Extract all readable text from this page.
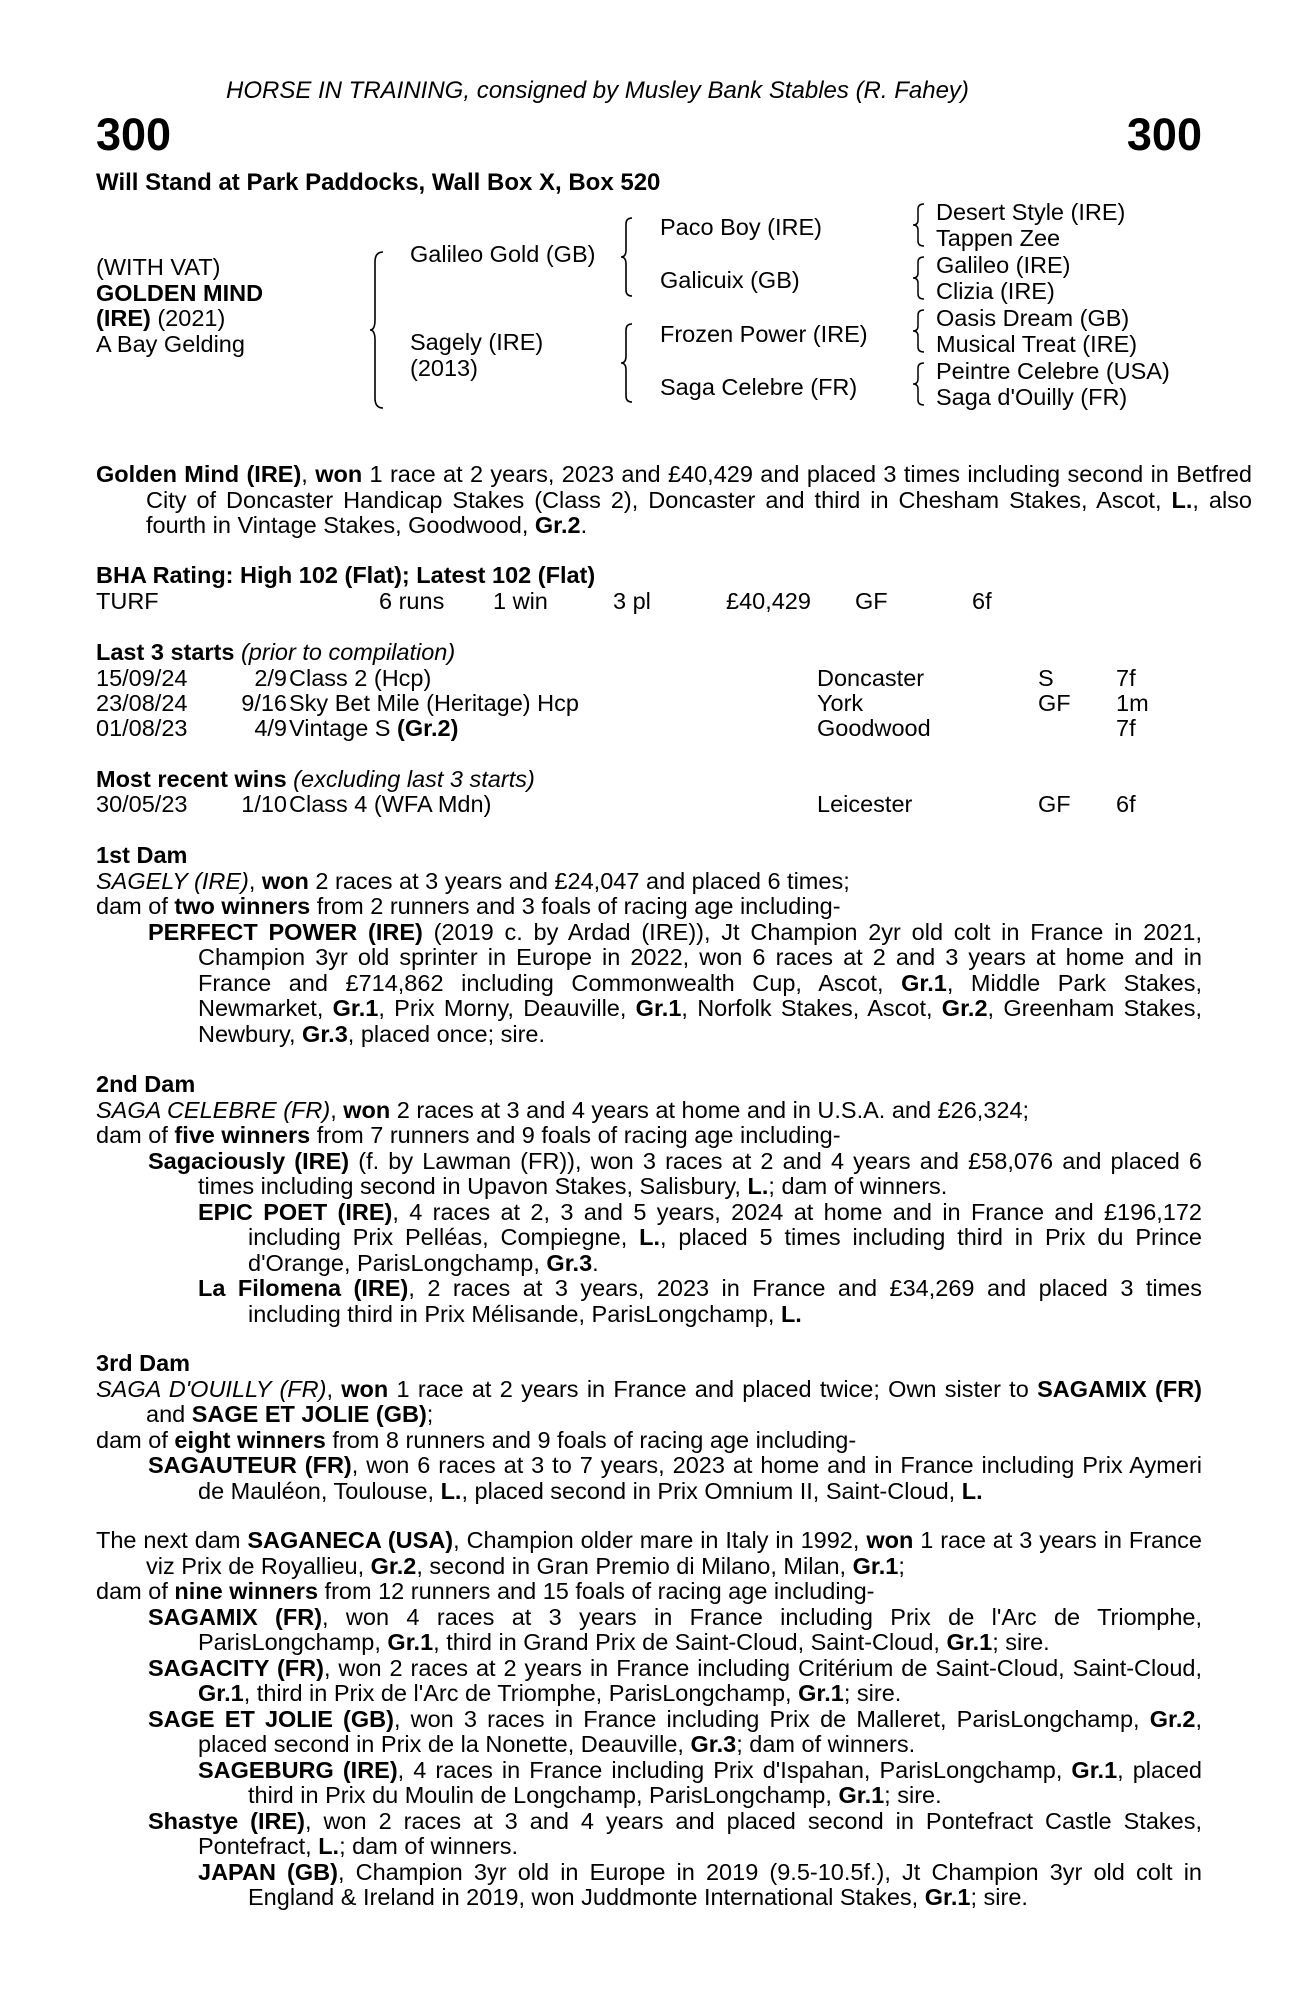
HORSE IN TRAINING, consigned by Musley Bank Stables (R. Fahey)
300	300
Will Stand at Park Paddocks, Wall Box X, Box 520
(WITH VAT)
GOLDEN MIND
(IRE) (2021)
A Bay Gelding
Galileo Gold (GB)
Sagely (IRE)
(2013)
Paco Boy (IRE)
Galicuix (GB)
Frozen Power (IRE)
Saga Celebre (FR)
Desert Style (IRE)
Tappen Zee
Galileo (IRE)
Clizia (IRE)
Oasis Dream (GB)
Musical Treat (IRE)
Peintre Celebre (USA)
Saga d'Ouilly (FR)
Golden Mind (IRE), won 1 race at 2 years, 2023 and £40,429 and placed 3 times including second in Betfred City of Doncaster Handicap Stakes (Class 2), Doncaster and third in Chesham Stakes, Ascot, L., also fourth in Vintage Stakes, Goodwood, Gr.2.
BHA Rating: High 102 (Flat); Latest 102 (Flat)
TURF	6 runs 1 win	3 pl	£40,429 GF	6f
Last 3 starts (prior to compilation)
15/09/24	2/9 Class 2 (Hcp)	Doncaster	S	7f
23/08/24	9/16 Sky Bet Mile (Heritage) Hcp	York	GF 1m
01/08/23	4/9 Vintage S (Gr.2)	Goodwood	7f
Most recent wins (excluding last 3 starts)
30/05/23	1/10 Class 4 (WFA Mdn)	Leicester	GF 6f
1st Dam
SAGELY (IRE), won 2 races at 3 years and £24,047 and placed 6 times;
dam of two winners from 2 runners and 3 foals of racing age including-
PERFECT POWER (IRE) (2019 c. by Ardad (IRE)), Jt Champion 2yr old colt in France in 2021, Champion 3yr old sprinter in Europe in 2022, won 6 races at 2 and 3 years at home and in France and £714,862 including Commonwealth Cup, Ascot, Gr.1, Middle Park Stakes, Newmarket, Gr.1, Prix Morny, Deauville, Gr.1, Norfolk Stakes, Ascot, Gr.2, Greenham Stakes, Newbury, Gr.3, placed once; sire.
2nd Dam
SAGA CELEBRE (FR), won 2 races at 3 and 4 years at home and in U.S.A. and £26,324;
dam of five winners from 7 runners and 9 foals of racing age including-
Sagaciously (IRE) (f. by Lawman (FR)), won 3 races at 2 and 4 years and £58,076 and placed 6 times including second in Upavon Stakes, Salisbury, L.; dam of winners.
EPIC POET (IRE), 4 races at 2, 3 and 5 years, 2024 at home and in France and £196,172 including Prix Pelléas, Compiegne, L., placed 5 times including third in Prix du Prince d'Orange, ParisLongchamp, Gr.3.
La Filomena (IRE), 2 races at 3 years, 2023 in France and £34,269 and placed 3 times including third in Prix Mélisande, ParisLongchamp, L.
3rd Dam
SAGA D'OUILLY (FR), won 1 race at 2 years in France and placed twice; Own sister to SAGAMIX (FR) and SAGE ET JOLIE (GB);
dam of eight winners from 8 runners and 9 foals of racing age including-
SAGAUTEUR (FR), won 6 races at 3 to 7 years, 2023 at home and in France including Prix Aymeri de Mauléon, Toulouse, L., placed second in Prix Omnium II, Saint-Cloud, L.
The next dam SAGANECA (USA), Champion older mare in Italy in 1992, won 1 race at 3 years in France viz Prix de Royallieu, Gr.2, second in Gran Premio di Milano, Milan, Gr.1;
dam of nine winners from 12 runners and 15 foals of racing age including-
SAGAMIX (FR), won 4 races at 3 years in France including Prix de l'Arc de Triomphe, ParisLongchamp, Gr.1, third in Grand Prix de Saint-Cloud, Saint-Cloud, Gr.1; sire.
SAGACITY (FR), won 2 races at 2 years in France including Critérium de Saint-Cloud, Saint-Cloud, Gr.1, third in Prix de l'Arc de Triomphe, ParisLongchamp, Gr.1; sire.
SAGE ET JOLIE (GB), won 3 races in France including Prix de Malleret, ParisLongchamp, Gr.2, placed second in Prix de la Nonette, Deauville, Gr.3; dam of winners.
SAGEBURG (IRE), 4 races in France including Prix d'Ispahan, ParisLongchamp, Gr.1, placed third in Prix du Moulin de Longchamp, ParisLongchamp, Gr.1; sire.
Shastye (IRE), won 2 races at 3 and 4 years and placed second in Pontefract Castle Stakes, Pontefract, L.; dam of winners.
JAPAN (GB), Champion 3yr old in Europe in 2019 (9.5-10.5f.), Jt Champion 3yr old colt in England & Ireland in 2019, won Juddmonte International Stakes, Gr.1; sire.
